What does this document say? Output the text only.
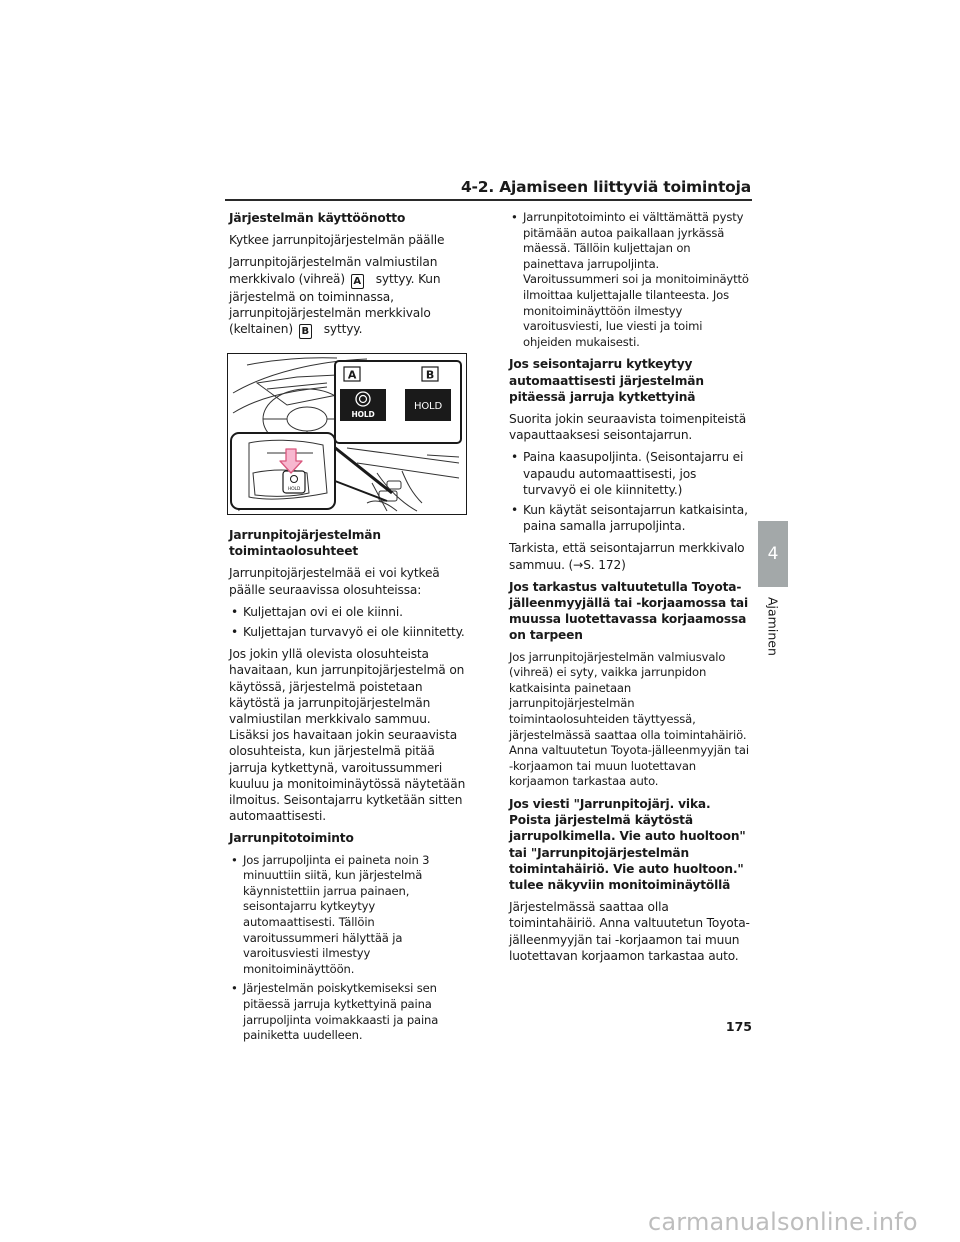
4-2. Ajamiseen liittyviä toimintoja
Järjestelmän käyttöönotto
Kytkee jarrunpitojärjestelmän päälle
Jarrunpitojärjestelmän valmiustilan merkkivalo (vihreä) A syttyy. Kun järjestelmä on toiminnassa, jarrunpitojärjestelmän merkkivalo (keltainen) B syttyy.
A	B
HOLD
HOLD
HOLD
Jarrunpitojärjestelmän toimintaolosuhteet
Jarrunpitojärjestelmää ei voi kytkeä päälle seuraavissa olosuhteissa:
• Kuljettajan ovi ei ole kiinni.
• Kuljettajan turvavyö ei ole kiinnitetty.
Jos jokin yllä olevista olosuhteista havaitaan, kun jarrunpitojärjestelmä on käytössä, järjestelmä poistetaan käytöstä ja jarrunpitojärjestelmän valmiustilan merkkivalo sammuu. Lisäksi jos havaitaan jokin seuraavista olosuhteista, kun järjestelmä pitää jarruja kytkettynä, varoitussummeri kuuluu ja monitoiminäytössä näytetään ilmoitus. Seisontajarru kytketään sitten automaattisesti.
Jarrunpitotoiminto
• Jos jarrupoljinta ei paineta noin 3 minuuttiin siitä, kun järjestelmä käynnistettiin jarrua painaen, seisontajarru kytkeytyy automaattisesti. Tällöin varoitussummeri hälyttää ja varoitusviesti ilmestyy monitoiminäyttöön.
• Järjestelmän poiskytkemiseksi sen pitäessä jarruja kytkettyinä paina jarrupoljinta voimakkaasti ja paina painiketta uudelleen.
• Jarrunpitotoiminto ei välttämättä pysty pitämään autoa paikallaan jyrkässä mäessä. Tällöin kuljettajan on painettava jarrupoljinta. Varoitussummeri soi ja monitoiminäyttö ilmoittaa kuljettajalle tilanteesta. Jos monitoiminäyttöön ilmestyy varoitusviesti, lue viesti ja toimi ohjeiden mukaisesti.
Jos seisontajarru kytkeytyy automaattisesti järjestelmän pitäessä jarruja kytkettyinä
Suorita jokin seuraavista toimenpiteistä vapauttaaksesi seisontajarrun.
• Paina kaasupoljinta. (Seisontajarru ei vapaudu automaattisesti, jos turvavyö ei ole kiinnitetty.)
• Kun käytät seisontajarrun katkaisinta, paina samalla jarrupoljinta.
Tarkista, että seisontajarrun merkkivalo sammuu. (→S. 172)
Jos tarkastus valtuutetulla Toyota-jälleenmyyjällä tai -korjaamossa tai muussa luotettavassa korjaamossa on tarpeen
Jos jarrunpitojärjestelmän valmiusvalo (vihreä) ei syty, vaikka jarrunpidon katkaisinta painetaan jarrunpitojärjestelmän toimintaolosuhteiden täyttyessä, järjestelmässä saattaa olla toimintahäiriö. Anna valtuutetun Toyota-jälleenmyyjän tai -korjaamon tai muun luotettavan korjaamon tarkastaa auto.
Jos viesti "Jarrunpitojärj. vika. Poista järjestelmä käytöstä jarrupolkimella. Vie auto huoltoon" tai "Jarrunpitojärjestelmän toimintahäiriö. Vie auto huoltoon." tulee näkyviin monitoiminäytöllä
Järjestelmässä saattaa olla toimintahäiriö. Anna valtuutetun Toyota-jälleenmyyjän tai -korjaamon tai muun luotettavan korjaamon tarkastaa auto.
4
Ajaminen
175
carmanualsonline.info
